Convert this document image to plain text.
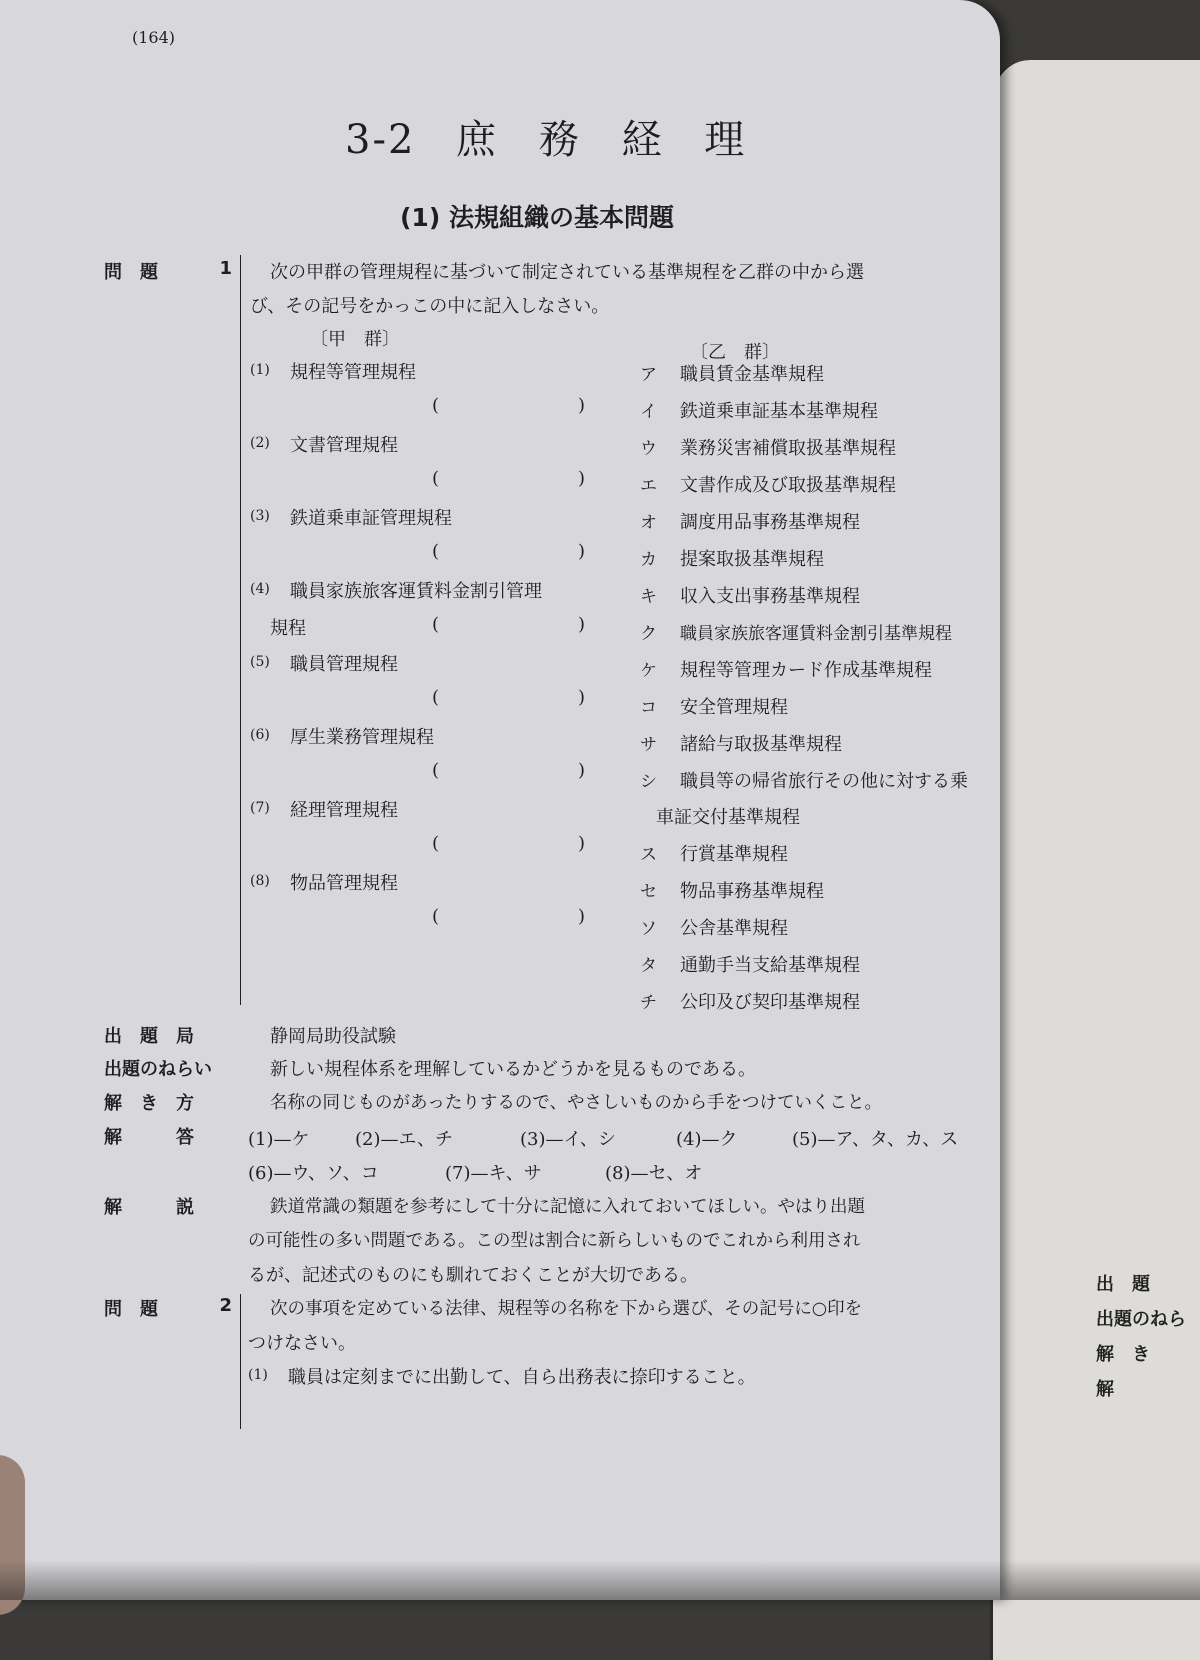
出　題
出題のねら
解　き
解
(164)
3-2 庶 務 経 理
(1) 法規組織の基本問題
問　題	1 次の甲群の管理規程に基づいて制定されている基準規程を乙群の中から選
び、その記号をかっこの中に記入しなさい。
〔甲　群〕
〔乙　群〕
(1) 規程等管理規程
(	)
(2) 文書管理規程
(	)
(3) 鉄道乗車証管理規程
(	)
(4) 職員家族旅客運賃料金割引管理
規程	(	)
(5) 職員管理規程
(	)
(6) 厚生業務管理規程
(	)
(7) 経理管理規程
(	)
(8) 物品管理規程
(	)
ア 職員賃金基準規程
イ 鉄道乗車証基本基準規程
ウ 業務災害補償取扱基準規程
エ 文書作成及び取扱基準規程
オ 調度用品事務基準規程
カ 提案取扱基準規程
キ 収入支出事務基準規程
ク 職員家族旅客運賃料金割引基準規程
ケ 規程等管理カード作成基準規程
コ 安全管理規程
サ 諸給与取扱基準規程
シ 職員等の帰省旅行その他に対する乗
車証交付基準規程
ス 行賞基準規程
セ 物品事務基準規程
ソ 公舎基準規程
タ 通勤手当支給基準規程
チ 公印及び契印基準規程
出　題　局	静岡局助役試験
出題のねらい	新しい規程体系を理解しているかどうかを見るものである。
解　き　方	名称の同じものがあったりするので、やさしいものから手をつけていくこと。
解　　　答	(1)—ケ	(2)—エ、チ	(3)—イ、シ	(4)—ク	(5)—ア、タ、カ、ス
(6)—ウ、ソ、コ	(7)—キ、サ	(8)—セ、オ
解　　　説	鉄道常識の類題を参考にして十分に記憶に入れておいてほしい。やはり出題
の可能性の多い問題である。この型は割合に新らしいものでこれから利用され
るが、記述式のものにも馴れておくことが大切である。
問　題	2 次の事項を定めている法律、規程等の名称を下から選び、その記号に○印を
つけなさい。
(1) 職員は定刻までに出勤して、自ら出務表に捺印すること。
